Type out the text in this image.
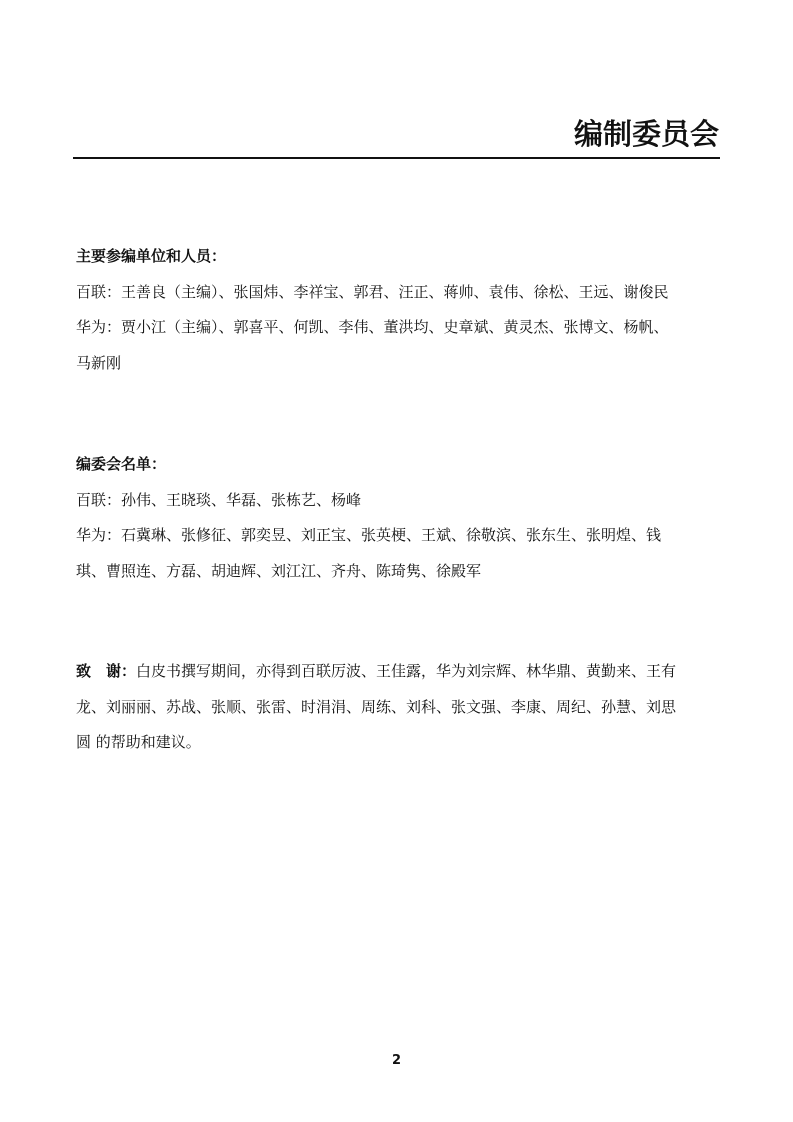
编制委员会
主要参编单位和人员：
百联：王善良（主编）、张国炜、李祥宝、郭君、汪正、蒋帅、袁伟、徐松、王远、谢俊民
华为：贾小江（主编）、郭喜平、何凯、李伟、董洪均、史章斌、黄灵杰、张博文、杨帆、
马新刚
编委会名单：
百联：孙伟、王晓琰、华磊、张栋艺、杨峰
华为：石冀琳、张修征、郭奕昱、刘正宝、张英梗、王斌、徐敬滨、张东生、张明煌、钱
琪、曹照连、方磊、胡迪辉、刘江江、齐舟、陈琦隽、徐殿军
致　谢：白皮书撰写期间，亦得到百联厉波、王佳露，华为刘宗辉、林华鼎、黄勤来、王有
龙、刘丽丽、苏战、张顺、张雷、时涓涓、周练、刘科、张文强、李康、周纪、孙慧、刘思
圆 的帮助和建议。
2
